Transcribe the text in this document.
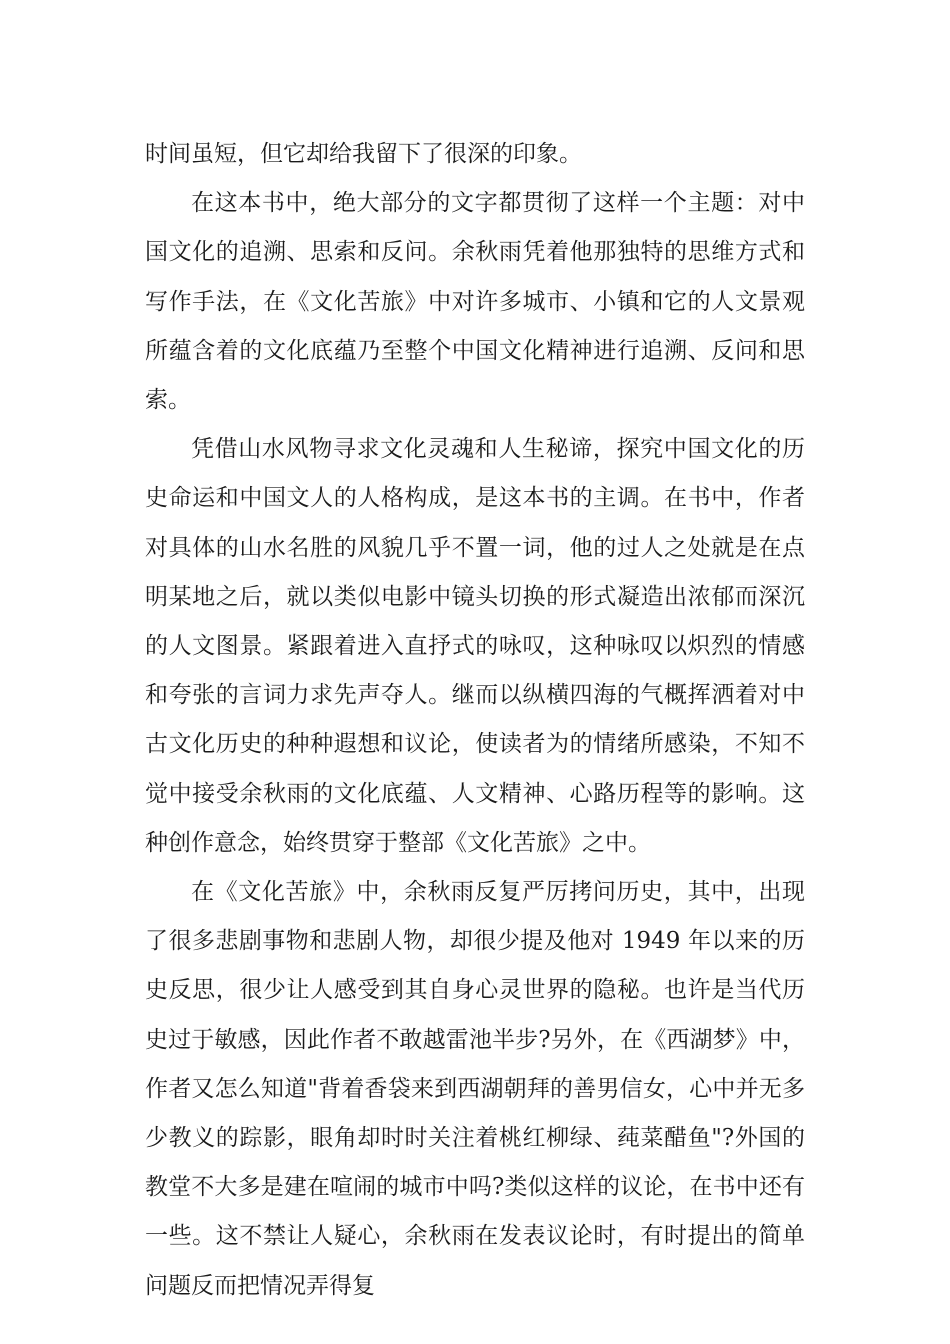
时间虽短，但它却给我留下了很深的印象。

在这本书中，绝大部分的文字都贯彻了这样一个主题：对中国文化的追溯、思索和反问。余秋雨凭着他那独特的思维方式和写作手法，在《文化苦旅》中对许多城市、小镇和它的人文景观所蕴含着的文化底蕴乃至整个中国文化精神进行追溯、反问和思索。

凭借山水风物寻求文化灵魂和人生秘谛，探究中国文化的历史命运和中国文人的人格构成，是这本书的主调。在书中，作者对具体的山水名胜的风貌几乎不置一词，他的过人之处就是在点明某地之后，就以类似电影中镜头切换的形式凝造出浓郁而深沉的人文图景。紧跟着进入直抒式的咏叹，这种咏叹以炽烈的情感和夸张的言词力求先声夺人。继而以纵横四海的气概挥洒着对中古文化历史的种种遐想和议论，使读者为的情绪所感染，不知不觉中接受余秋雨的文化底蕴、人文精神、心路历程等的影响。这种创作意念，始终贯穿于整部《文化苦旅》之中。

在《文化苦旅》中，余秋雨反复严厉拷问历史，其中，出现了很多悲剧事物和悲剧人物，却很少提及他对 1949 年以来的历史反思，很少让人感受到其自身心灵世界的隐秘。也许是当代历史过于敏感，因此作者不敢越雷池半步?另外，在《西湖梦》中，作者又怎么知道"背着香袋来到西湖朝拜的善男信女，心中并无多少教义的踪影，眼角却时时关注着桃红柳绿、莼菜醋鱼"?外国的教堂不大多是建在喧闹的城市中吗?类似这样的议论，在书中还有一些。这不禁让人疑心，余秋雨在发表议论时，有时提出的简单问题反而把情况弄得复
